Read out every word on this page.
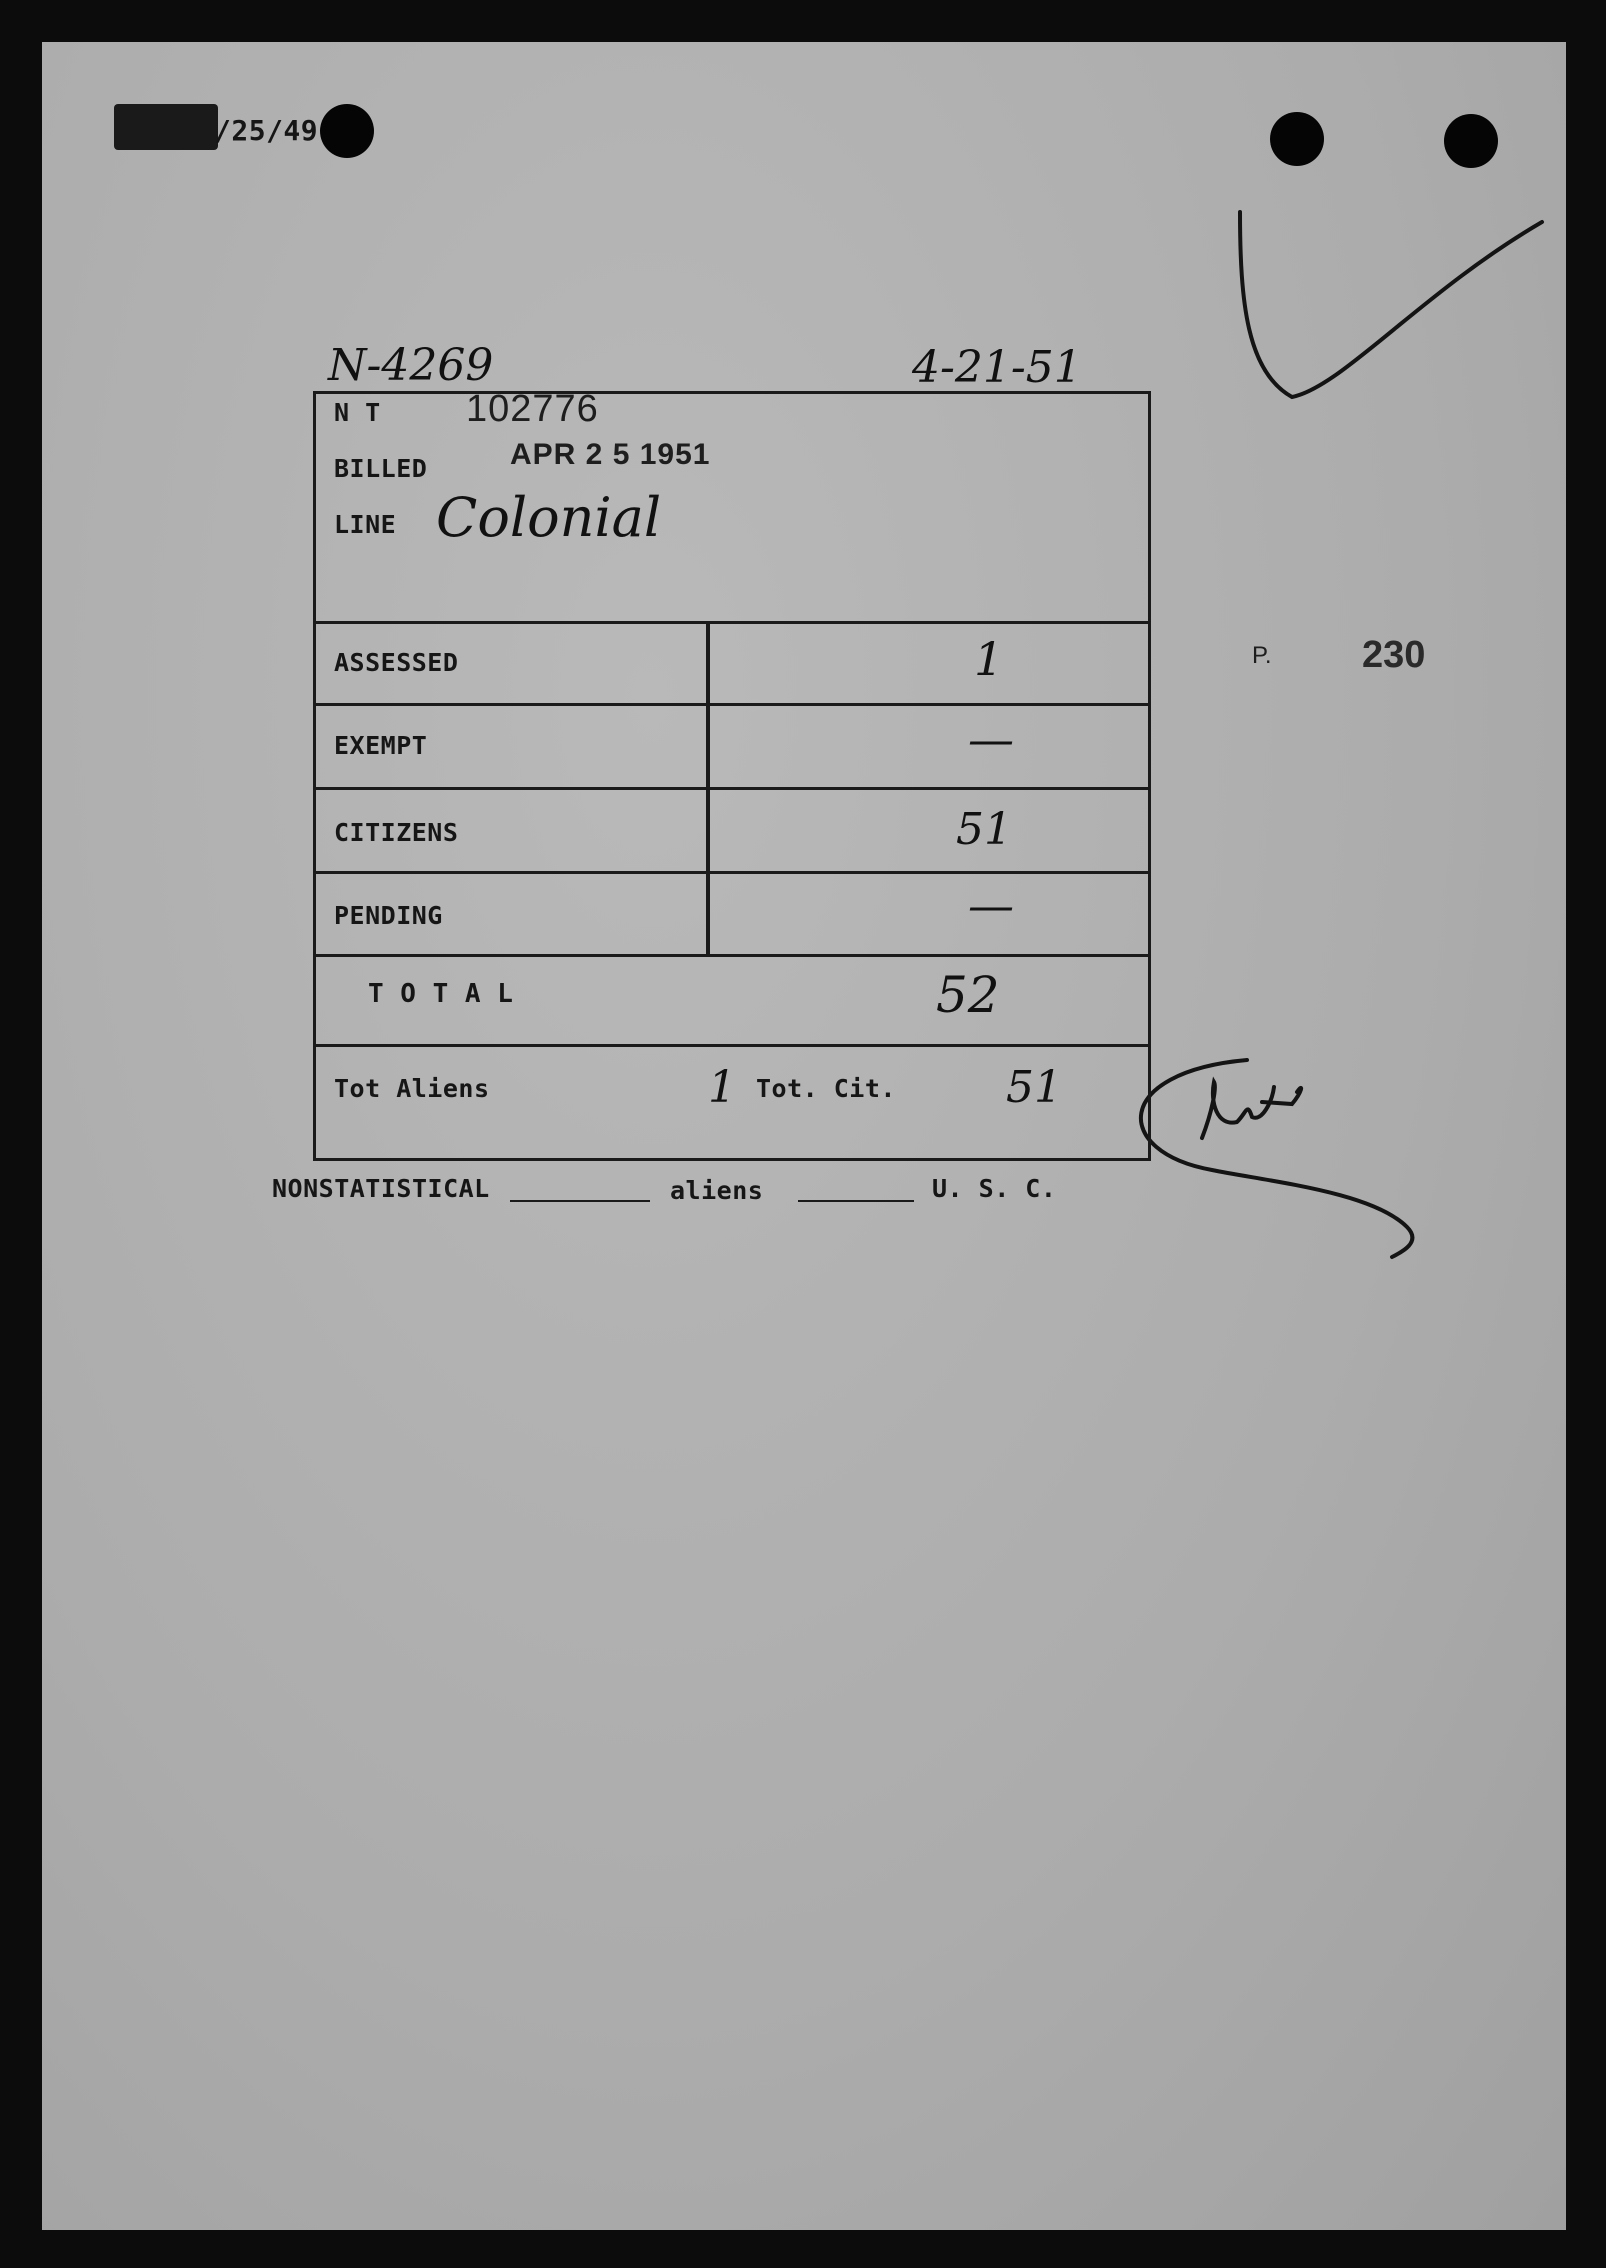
/25/49
N-4269	4-21-51
N T 102776
BILLED	APR 2 5 1951
LINE Colonial
ASSESSED	1
EXEMPT	—
CITIZENS	51
PENDING	—
T O T A L	52
Tot Aliens	1 Tot. Cit.	51
P. 230
NONSTATISTICAL	aliens	U. S. C.
